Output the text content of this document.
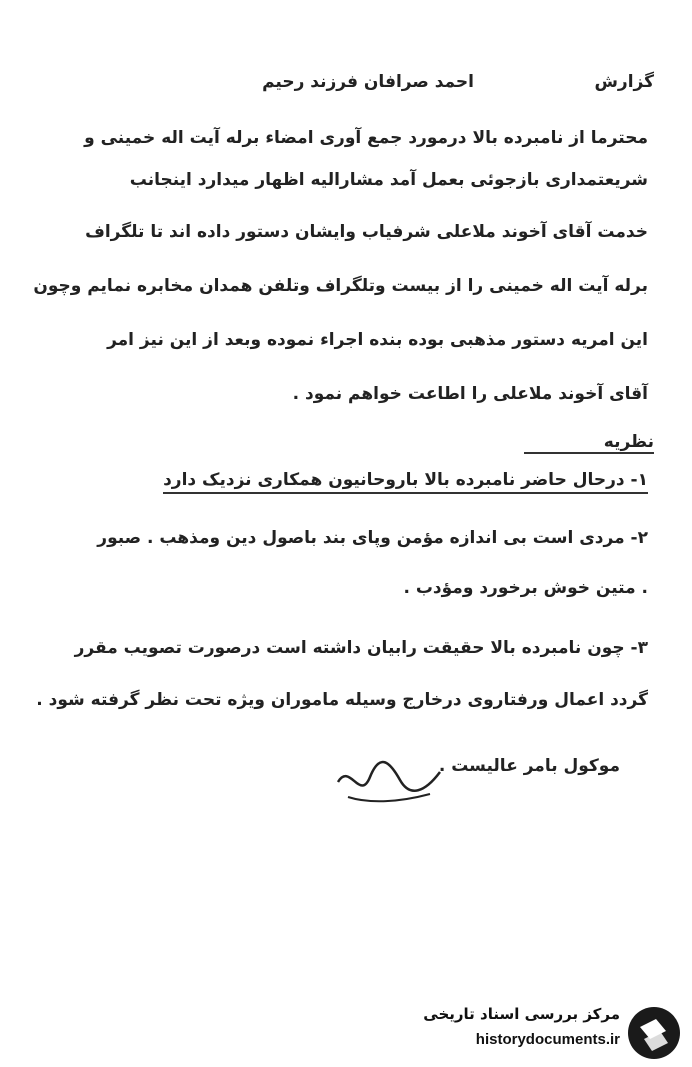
گزارش
احمد صرافان فرزند رحیم
محترما از نامبرده بالا درمورد جمع آوری امضاء برله آیت اله خمینی و
شریعتمداری بازجوئی بعمل آمد مشارالیه اظهار میدارد اینجانب
خدمت آقای آخوند ملاعلی شرفیاب وایشان دستور داده اند تا تلگراف
برله آیت اله خمینی را از بیست وتلگراف وتلفن همدان مخابره نمایم وچون
این امریه دستور مذهبی بوده بنده اجراء نموده وبعد از این نیز امر
آقای آخوند ملاعلی را اطاعت خواهم نمود .
نظریه
۱- درحال حاضر نامبرده بالا باروحانیون همکاری نزدیک دارد
۲- مردی است بی اندازه مؤمن وپای بند باصول دین ومذهب . صبور
. متین خوش برخورد ومؤدب .
۳- چون نامبرده بالا حقیقت رابیان داشته است درصورت تصویب مقرر
گردد اعمال ورفتاروی درخارج وسیله ماموران ویژه تحت نظر گرفته شود .
موکول بامر عالیست .
مرکز بررسی اسناد تاریخی
historydocuments.ir
